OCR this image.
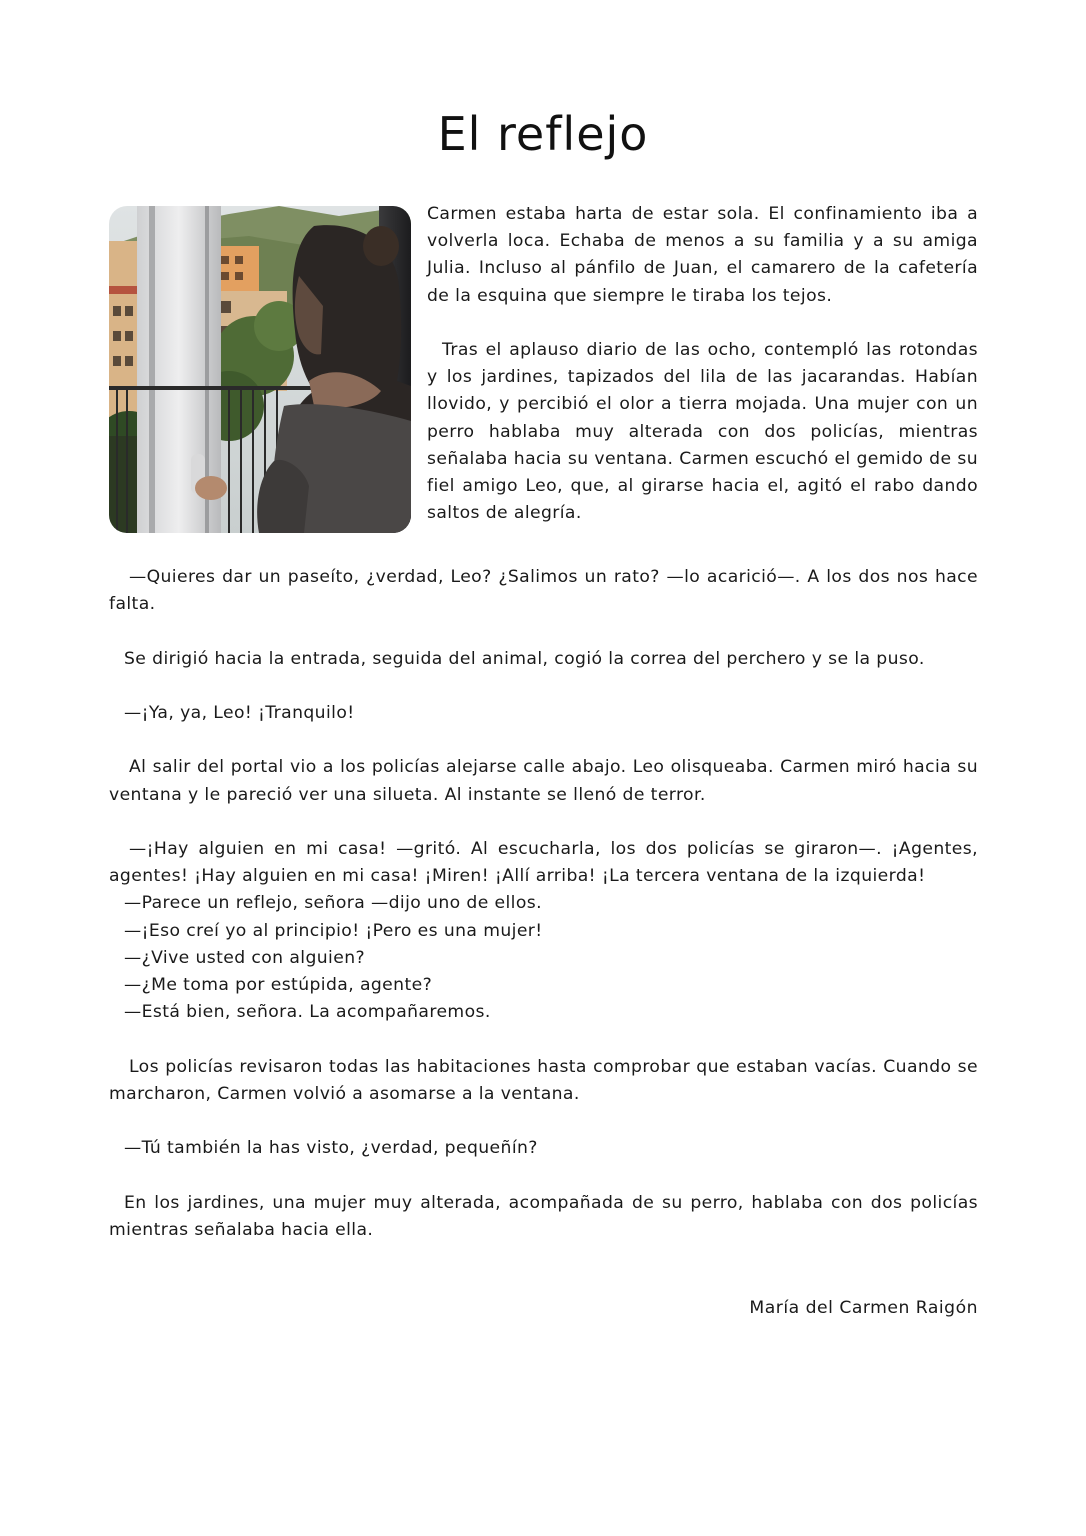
El reflejo

Carmen estaba harta de estar sola. El confinamiento iba a volverla loca. Echaba de menos a su familia y a su amiga Julia. Incluso al pánfilo de Juan, el camarero de la cafetería de la esquina que siempre le tiraba los tejos.

Tras el aplauso diario de las ocho, contempló las rotondas y los jardines, tapizados del lila de las jacarandas. Habían llovido, y percibió el olor a tierra mojada. Una mujer con un perro hablaba muy alterada con dos policías, mientras señalaba hacia su ventana. Carmen escuchó el gemido de su fiel amigo Leo, que, al girarse hacia el, agitó el rabo dando saltos de alegría.

—Quieres dar un paseíto, ¿verdad, Leo? ¿Salimos un rato? —lo acarició—. A los dos nos hace falta.

Se dirigió hacia la entrada, seguida del animal, cogió la correa del perchero y se la puso.

—¡Ya, ya, Leo! ¡Tranquilo!

Al salir del portal vio a los policías alejarse calle abajo. Leo olisqueaba. Carmen miró hacia su ventana y le pareció ver una silueta. Al instante se llenó de terror.

—¡Hay alguien en mi casa! —gritó. Al escucharla, los dos policías se giraron—. ¡Agentes, agentes! ¡Hay alguien en mi casa! ¡Miren! ¡Allí arriba! ¡La tercera ventana de la izquierda!

—Parece un reflejo, señora —dijo uno de ellos.

—¡Eso creí yo al principio! ¡Pero es una mujer!

—¿Vive usted con alguien?

—¿Me toma por estúpida, agente?

—Está bien, señora. La acompañaremos.

Los policías revisaron todas las habitaciones hasta comprobar que estaban vacías. Cuando se marcharon, Carmen volvió a asomarse a la ventana.

—Tú también la has visto, ¿verdad, pequeñín?

En los jardines, una mujer muy alterada, acompañada de su perro, hablaba con dos policías mientras señalaba hacia ella.

María del Carmen Raigón
